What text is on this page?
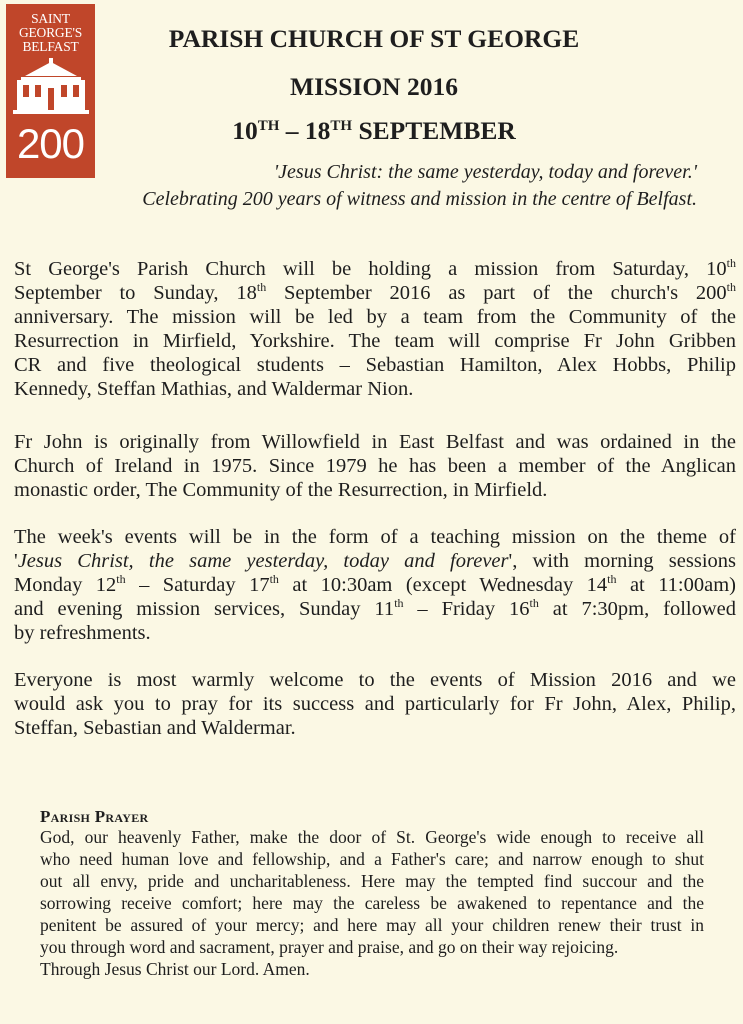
SAINT
GEORGE'S
BELFAST
200
PARISH CHURCH OF ST GEORGE
MISSION 2016
10TH – 18TH SEPTEMBER

'Jesus Christ: the same yesterday, today and forever.'

Celebrating 200 years of witness and mission in the centre of Belfast.

St George's Parish Church will be holding a mission from Saturday, 10th
September to Sunday, 18th September 2016 as part of the church's 200th
anniversary. The mission will be led by a team from the Community of the
Resurrection in Mirfield, Yorkshire. The team will comprise Fr John Gribben
CR and five theological students – Sebastian Hamilton, Alex Hobbs, Philip
Kennedy, Steffan Mathias, and Waldermar Nion.

Fr John is originally from Willowfield in East Belfast and was ordained in the
Church of Ireland in 1975. Since 1979 he has been a member of the Anglican
monastic order, The Community of the Resurrection, in Mirfield.

The week's events will be in the form of a teaching mission on the theme of
'Jesus Christ, the same yesterday, today and forever', with morning sessions
Monday 12th – Saturday 17th at 10:30am (except Wednesday 14th at 11:00am)
and evening mission services, Sunday 11th – Friday 16th at 7:30pm, followed
by refreshments.

Everyone is most warmly welcome to the events of Mission 2016 and we
would ask you to pray for its success and particularly for Fr John, Alex, Philip,
Steffan, Sebastian and Waldermar.

Parish Prayer

God, our heavenly Father, make the door of St. George's wide enough to receive all
who need human love and fellowship, and a Father's care; and narrow enough to shut
out all envy, pride and uncharitableness. Here may the tempted find succour and the
sorrowing receive comfort; here may the careless be awakened to repentance and the
penitent be assured of your mercy; and here may all your children renew their trust in
you through word and sacrament, prayer and praise, and go on their way rejoicing.
Through Jesus Christ our Lord. Amen.
